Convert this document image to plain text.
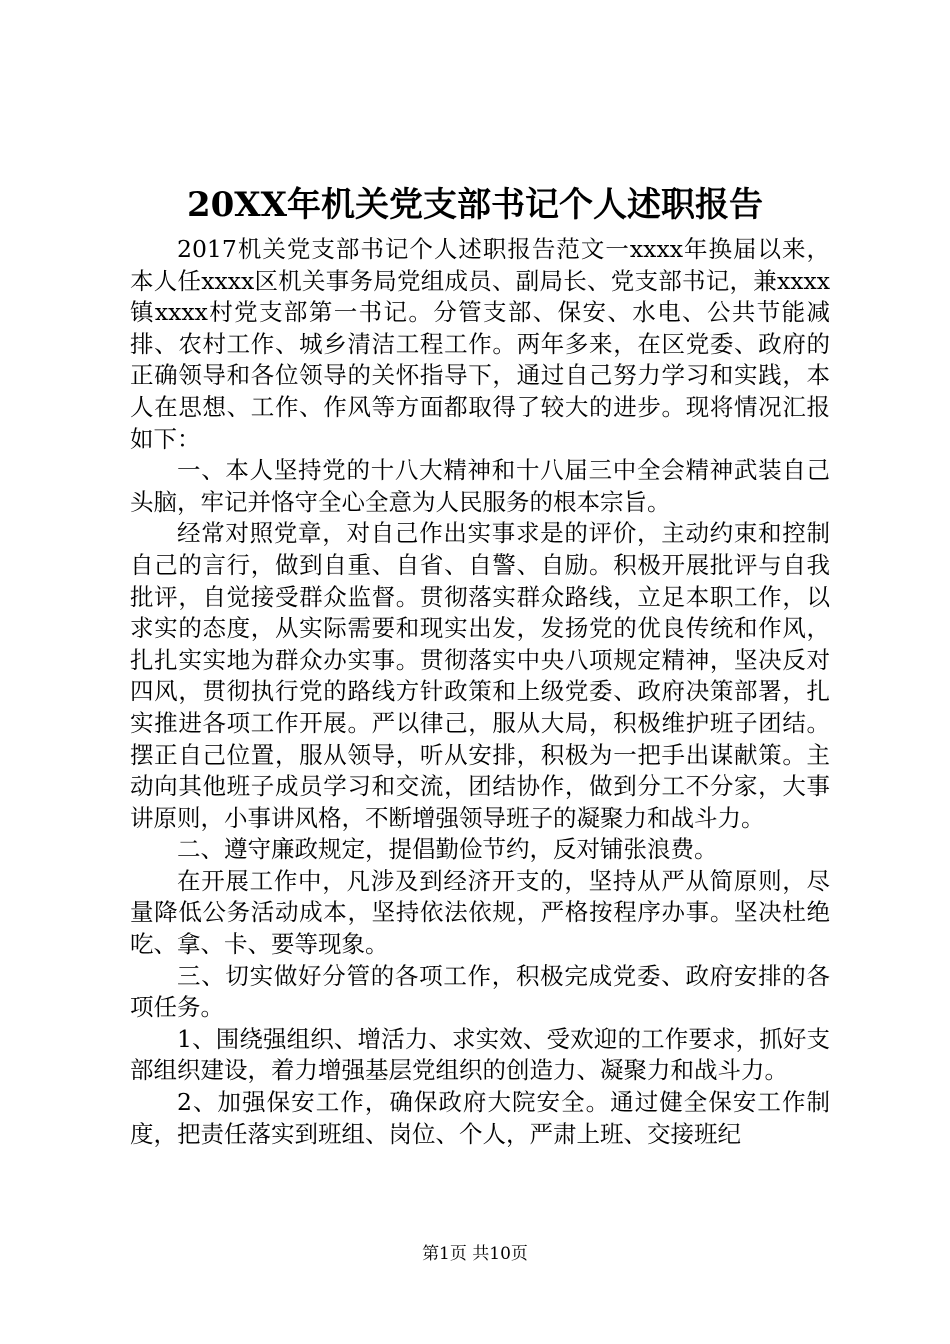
20XX年机关党支部书记个人述职报告

2017机关党支部书记个人述职报告范文一xxxx年换届以来，本人任xxxx区机关事务局党组成员、副局长、党支部书记，兼xxxx镇xxxx村党支部第一书记。分管支部、保安、水电、公共节能减排、农村工作、城乡清洁工程工作。两年多来，在区党委、政府的正确领导和各位领导的关怀指导下，通过自己努力学习和实践，本人在思想、工作、作风等方面都取得了较大的进步。现将情况汇报如下：

一、本人坚持党的十八大精神和十八届三中全会精神武装自己头脑，牢记并恪守全心全意为人民服务的根本宗旨。

经常对照党章，对自己作出实事求是的评价，主动约束和控制自己的言行，做到自重、自省、自警、自励。积极开展批评与自我批评，自觉接受群众监督。贯彻落实群众路线，立足本职工作，以求实的态度，从实际需要和现实出发，发扬党的优良传统和作风，扎扎实实地为群众办实事。贯彻落实中央八项规定精神，坚决反对四风，贯彻执行党的路线方针政策和上级党委、政府决策部署，扎实推进各项工作开展。严以律己，服从大局，积极维护班子团结。摆正自己位置，服从领导，听从安排，积极为一把手出谋献策。主动向其他班子成员学习和交流，团结协作，做到分工不分家，大事讲原则，小事讲风格，不断增强领导班子的凝聚力和战斗力。

二、遵守廉政规定，提倡勤俭节约，反对铺张浪费。

在开展工作中，凡涉及到经济开支的，坚持从严从简原则，尽量降低公务活动成本，坚持依法依规，严格按程序办事。坚决杜绝吃、拿、卡、要等现象。

三、切实做好分管的各项工作，积极完成党委、政府安排的各项任务。

1、围绕强组织、增活力、求实效、受欢迎的工作要求，抓好支部组织建设，着力增强基层党组织的创造力、凝聚力和战斗力。

2、加强保安工作，确保政府大院安全。通过健全保安工作制度，把责任落实到班组、岗位、个人，严肃上班、交接班纪

第1页 共10页
